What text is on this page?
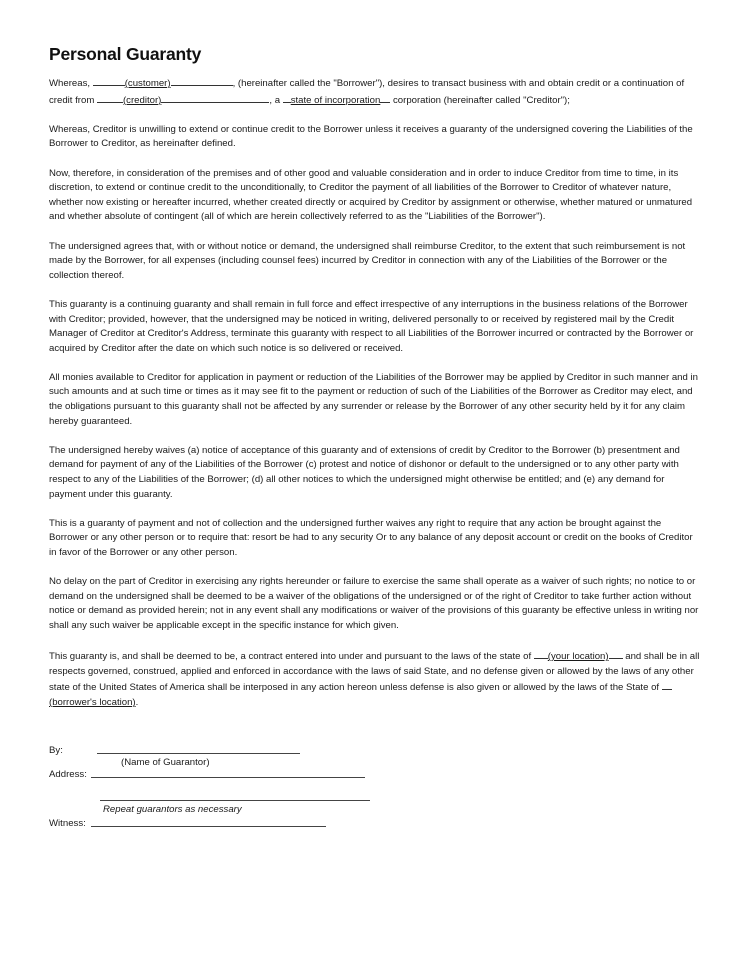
Personal Guaranty

Whereas,	(customer)	, (hereinafter called the "Borrower"), desires to transact business with and obtain credit or a continuation of credit from	(creditor)	, a state of incorporation corporation (hereinafter called "Creditor");

Whereas, Creditor is unwilling to extend or continue credit to the Borrower unless it receives a guaranty of the undersigned covering the Liabilities of the Borrower to Creditor, as hereinafter defined.

Now, therefore, in consideration of the premises and of other good and valuable consideration and in order to induce Creditor from time to time, in its discretion, to extend or continue credit to the unconditionally, to Creditor the payment of all liabilities of the Borrower to Creditor of whatever nature, whether now existing or hereafter incurred, whether created directly or acquired by Creditor by assignment or otherwise, whether matured or unmatured and whether absolute of contingent (all of which are herein collectively referred to as the "Liabilities of the Borrower").

The undersigned agrees that, with or without notice or demand, the undersigned shall reimburse Creditor, to the extent that such reimbursement is not made by the Borrower, for all expenses (including counsel fees) incurred by Creditor in connection with any of the Liabilities of the Borrower or the collection thereof.

This guaranty is a continuing guaranty and shall remain in full force and effect irrespective of any interruptions in the business relations of the Borrower with Creditor; provided, however, that the undersigned may be noticed in writing, delivered personally to or received by registered mail by the Credit Manager of Creditor at Creditor's Address, terminate this guaranty with respect to all Liabilities of the Borrower incurred or contracted by the Borrower or acquired by Creditor after the date on which such notice is so delivered or received.

All monies available to Creditor for application in payment or reduction of the Liabilities of the Borrower may be applied by Creditor in such manner and in such amounts and at such time or times as it may see fit to the payment or reduction of such of the Liabilities of the Borrower as Creditor may elect, and the obligations pursuant to this guaranty shall not be affected by any surrender or release by the Borrower of any other security held by it for any claim hereby guaranteed.

The undersigned hereby waives (a) notice of acceptance of this guaranty and of extensions of credit by Creditor to the Borrower (b) presentment and demand for payment of any of the Liabilities of the Borrower (c) protest and notice of dishonor or default to the undersigned or to any other party with respect to any of the Liabilities of the Borrower; (d) all other notices to which the undersigned might otherwise be entitled; and (e) any demand for payment under this guaranty.

This is a guaranty of payment and not of collection and the undersigned further waives any right to require that any action be brought against the Borrower or any other person or to require that: resort be had to any security Or to any balance of any deposit account or credit on the books of Creditor in favor of the Borrower or any other person.

No delay on the part of Creditor in exercising any rights hereunder or failure to exercise the same shall operate as a waiver of such rights; no notice to or demand on the undersigned shall be deemed to be a waiver of the obligations of the undersigned or of the right of Creditor to take further action without notice or demand as provided herein; not in any event shall any modifications or waiver of the provisions of this guaranty be effective unless in writing nor shall any such waiver be applicable except in the specific instance for which given.

This guaranty is, and shall be deemed to be, a contract entered into under and pursuant to the laws of the state of (your location) and shall be in all respects governed, construed, applied and enforced in accordance with the laws of said State, and no defense given or allowed by the laws of any other state of the United States of America shall be interposed in any action hereon unless defense is also given or allowed by the laws of the State of (borrower's location).

By:
(Name of Guarantor)
Address:
Repeat guarantors as necessary
Witness:
